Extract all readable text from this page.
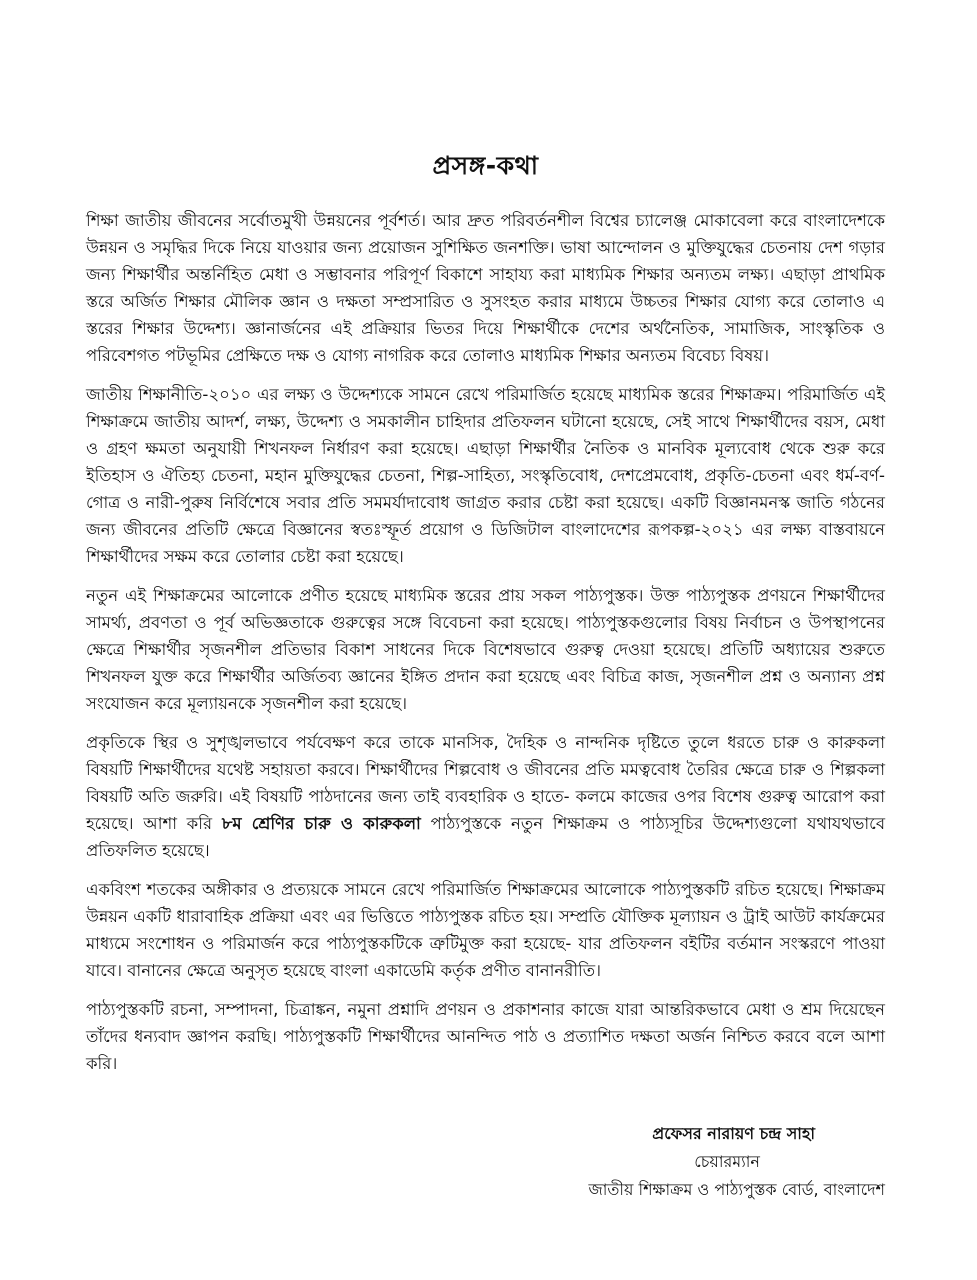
প্রসঙ্গ-কথা

শিক্ষা জাতীয় জীবনের সর্বোতমুখী উন্নয়নের পূর্বশর্ত। আর দ্রুত পরিবর্তনশীল বিশ্বের চ্যালেঞ্জ মোকাবেলা করে বাংলাদেশকে উন্নয়ন ও সমৃদ্ধির দিকে নিয়ে যাওয়ার জন্য প্রয়োজন সুশিক্ষিত জনশক্তি। ভাষা আন্দোলন ও মুক্তিযুদ্ধের চেতনায় দেশ গড়ার জন্য শিক্ষার্থীর অন্তর্নিহিত মেধা ও সম্ভাবনার পরিপূর্ণ বিকাশে সাহায্য করা মাধ্যমিক শিক্ষার অন্যতম লক্ষ্য। এছাড়া প্রাথমিক স্তরে অর্জিত শিক্ষার মৌলিক জ্ঞান ও দক্ষতা সম্প্রসারিত ও সুসংহত করার মাধ্যমে উচ্চতর শিক্ষার যোগ্য করে তোলাও এ স্তরের শিক্ষার উদ্দেশ্য। জ্ঞানার্জনের এই প্রক্রিয়ার ভিতর দিয়ে শিক্ষার্থীকে দেশের অর্থনৈতিক, সামাজিক, সাংস্কৃতিক ও পরিবেশগত পটভূমির প্রেক্ষিতে দক্ষ ও যোগ্য নাগরিক করে তোলাও মাধ্যমিক শিক্ষার অন্যতম বিবেচ্য বিষয়।

জাতীয় শিক্ষানীতি-২০১০ এর লক্ষ্য ও উদ্দেশ্যকে সামনে রেখে পরিমার্জিত হয়েছে মাধ্যমিক স্তরের শিক্ষাক্রম। পরিমার্জিত এই শিক্ষাক্রমে জাতীয় আদর্শ, লক্ষ্য, উদ্দেশ্য ও সমকালীন চাহিদার প্রতিফলন ঘটানো হয়েছে, সেই সাথে শিক্ষার্থীদের বয়স, মেধা ও গ্রহণ ক্ষমতা অনুযায়ী শিখনফল নির্ধারণ করা হয়েছে। এছাড়া শিক্ষার্থীর নৈতিক ও মানবিক মূল্যবোধ থেকে শুরু করে ইতিহাস ও ঐতিহ্য চেতনা, মহান মুক্তিযুদ্ধের চেতনা, শিল্প-সাহিত্য, সংস্কৃতিবোধ, দেশপ্রেমবোধ, প্রকৃতি-চেতনা এবং ধর্ম-বর্ণ-গোত্র ও নারী-পুরুষ নির্বিশেষে সবার প্রতি সমমর্যাদাবোধ জাগ্রত করার চেষ্টা করা হয়েছে। একটি বিজ্ঞানমনস্ক জাতি গঠনের জন্য জীবনের প্রতিটি ক্ষেত্রে বিজ্ঞানের স্বতঃস্ফূর্ত প্রয়োগ ও ডিজিটাল বাংলাদেশের রূপকল্প-২০২১ এর লক্ষ্য বাস্তবায়নে শিক্ষার্থীদের সক্ষম করে তোলার চেষ্টা করা হয়েছে।

নতুন এই শিক্ষাক্রমের আলোকে প্রণীত হয়েছে মাধ্যমিক স্তরের প্রায় সকল পাঠ্যপুস্তক। উক্ত পাঠ্যপুস্তক প্রণয়নে শিক্ষার্থীদের সামর্থ্য, প্রবণতা ও পূর্ব অভিজ্ঞতাকে গুরুত্বের সঙ্গে বিবেচনা করা হয়েছে। পাঠ্যপুস্তকগুলোর বিষয় নির্বাচন ও উপস্থাপনের ক্ষেত্রে শিক্ষার্থীর সৃজনশীল প্রতিভার বিকাশ সাধনের দিকে বিশেষভাবে গুরুত্ব দেওয়া হয়েছে। প্রতিটি অধ্যায়ের শুরুতে শিখনফল যুক্ত করে শিক্ষার্থীর অর্জিতব্য জ্ঞানের ইঙ্গিত প্রদান করা হয়েছে এবং বিচিত্র কাজ, সৃজনশীল প্রশ্ন ও অন্যান্য প্রশ্ন সংযোজন করে মূল্যায়নকে সৃজনশীল করা হয়েছে।

প্রকৃতিকে স্থির ও সুশৃঙ্খলভাবে পর্যবেক্ষণ করে তাকে মানসিক, দৈহিক ও নান্দনিক দৃষ্টিতে তুলে ধরতে চারু ও কারুকলা বিষয়টি শিক্ষার্থীদের যথেষ্ট সহায়তা করবে। শিক্ষার্থীদের শিল্পবোধ ও জীবনের প্রতি মমত্ববোধ তৈরির ক্ষেত্রে চারু ও শিল্পকলা বিষয়টি অতি জরুরি। এই বিষয়টি পাঠদানের জন্য তাই ব্যবহারিক ও হাতে- কলমে কাজের ওপর বিশেষ গুরুত্ব আরোপ করা হয়েছে। আশা করি ৮ম শ্রেণির চারু ও কারুকলা পাঠ্যপুস্তকে নতুন শিক্ষাক্রম ও পাঠ্যসূচির উদ্দেশ্যগুলো যথাযথভাবে প্রতিফলিত হয়েছে।

একবিংশ শতকের অঙ্গীকার ও প্রত্যয়কে সামনে রেখে পরিমার্জিত শিক্ষাক্রমের আলোকে পাঠ্যপুস্তকটি রচিত হয়েছে। শিক্ষাক্রম উন্নয়ন একটি ধারাবাহিক প্রক্রিয়া এবং এর ভিত্তিতে পাঠ্যপুস্তক রচিত হয়। সম্প্রতি যৌক্তিক মূল্যায়ন ও ট্রাই আউট কার্যক্রমের মাধ্যমে সংশোধন ও পরিমার্জন করে পাঠ্যপুস্তকটিকে ত্রুটিমুক্ত করা হয়েছে- যার প্রতিফলন বইটির বর্তমান সংস্করণে পাওয়া যাবে। বানানের ক্ষেত্রে অনুসৃত হয়েছে বাংলা একাডেমি কর্তৃক প্রণীত বানানরীতি।

পাঠ্যপুস্তকটি রচনা, সম্পাদনা, চিত্রাঙ্কন, নমুনা প্রশ্নাদি প্রণয়ন ও প্রকাশনার কাজে যারা আন্তরিকভাবে মেধা ও শ্রম দিয়েছেন তাঁদের ধন্যবাদ জ্ঞাপন করছি। পাঠ্যপুস্তকটি শিক্ষার্থীদের আনন্দিত পাঠ ও প্রত্যাশিত দক্ষতা অর্জন নিশ্চিত করবে বলে আশা করি।

প্রফেসর নারায়ণ চন্দ্র সাহা
চেয়ারম্যান
জাতীয় শিক্ষাক্রম ও পাঠ্যপুস্তক বোর্ড, বাংলাদেশ
